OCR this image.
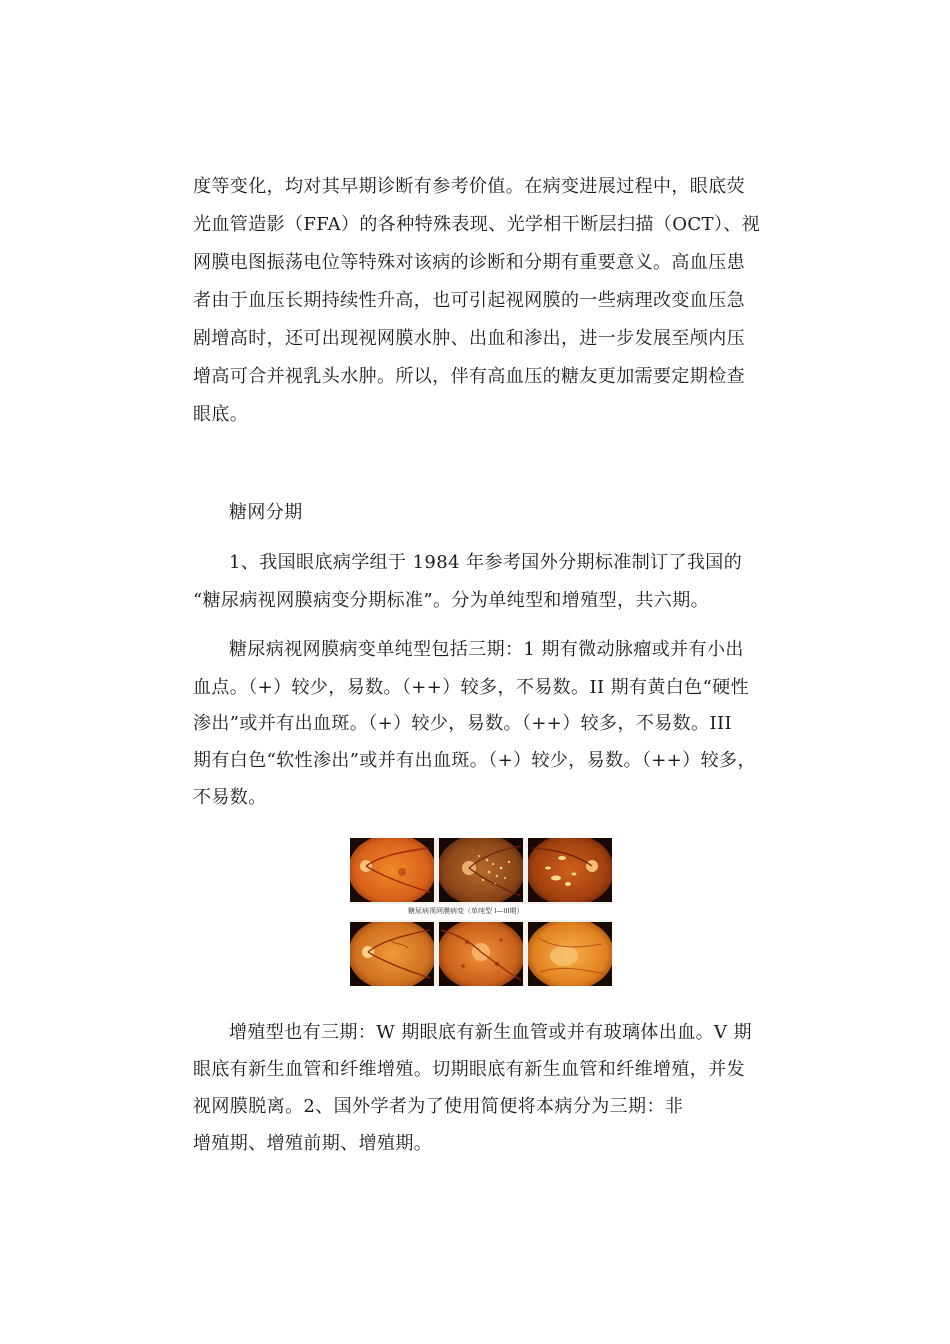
度等变化，均对其早期诊断有参考价值。在病变进展过程中，眼底荧
光血管造影（FFA）的各种特殊表现、光学相干断层扫描（OCT）、视
网膜电图振荡电位等特殊对该病的诊断和分期有重要意义。高血压患
者由于血压长期持续性升高，也可引起视网膜的一些病理改变血压急
剧增高时，还可出现视网膜水肿、出血和渗出，进一步发展至颅内压
增高可合并视乳头水肿。所以，伴有高血压的糖友更加需要定期检查
眼底。
糖网分期
1、我国眼底病学组于 1984 年参考国外分期标准制订了我国的
“糖尿病视网膜病变分期标准”。分为单纯型和增殖型，共六期。
糖尿病视网膜病变单纯型包括三期：1 期有微动脉瘤或并有小出
血点。（+）较少，易数。（++）较多，不易数。II 期有黄白色“硬性
渗出”或并有出血斑。（+）较少，易数。（++）较多，不易数。III
期有白色“软性渗出”或并有出血斑。（+）较少，易数。（++）较多，
不易数。
糖尿病视网膜病变（单纯型 I—III期）
增殖型也有三期：W 期眼底有新生血管或并有玻璃体出血。V 期
眼底有新生血管和纤维增殖。切期眼底有新生血管和纤维增殖，并发
视网膜脱离。2、国外学者为了使用简便将本病分为三期：非
增殖期、增殖前期、增殖期。
